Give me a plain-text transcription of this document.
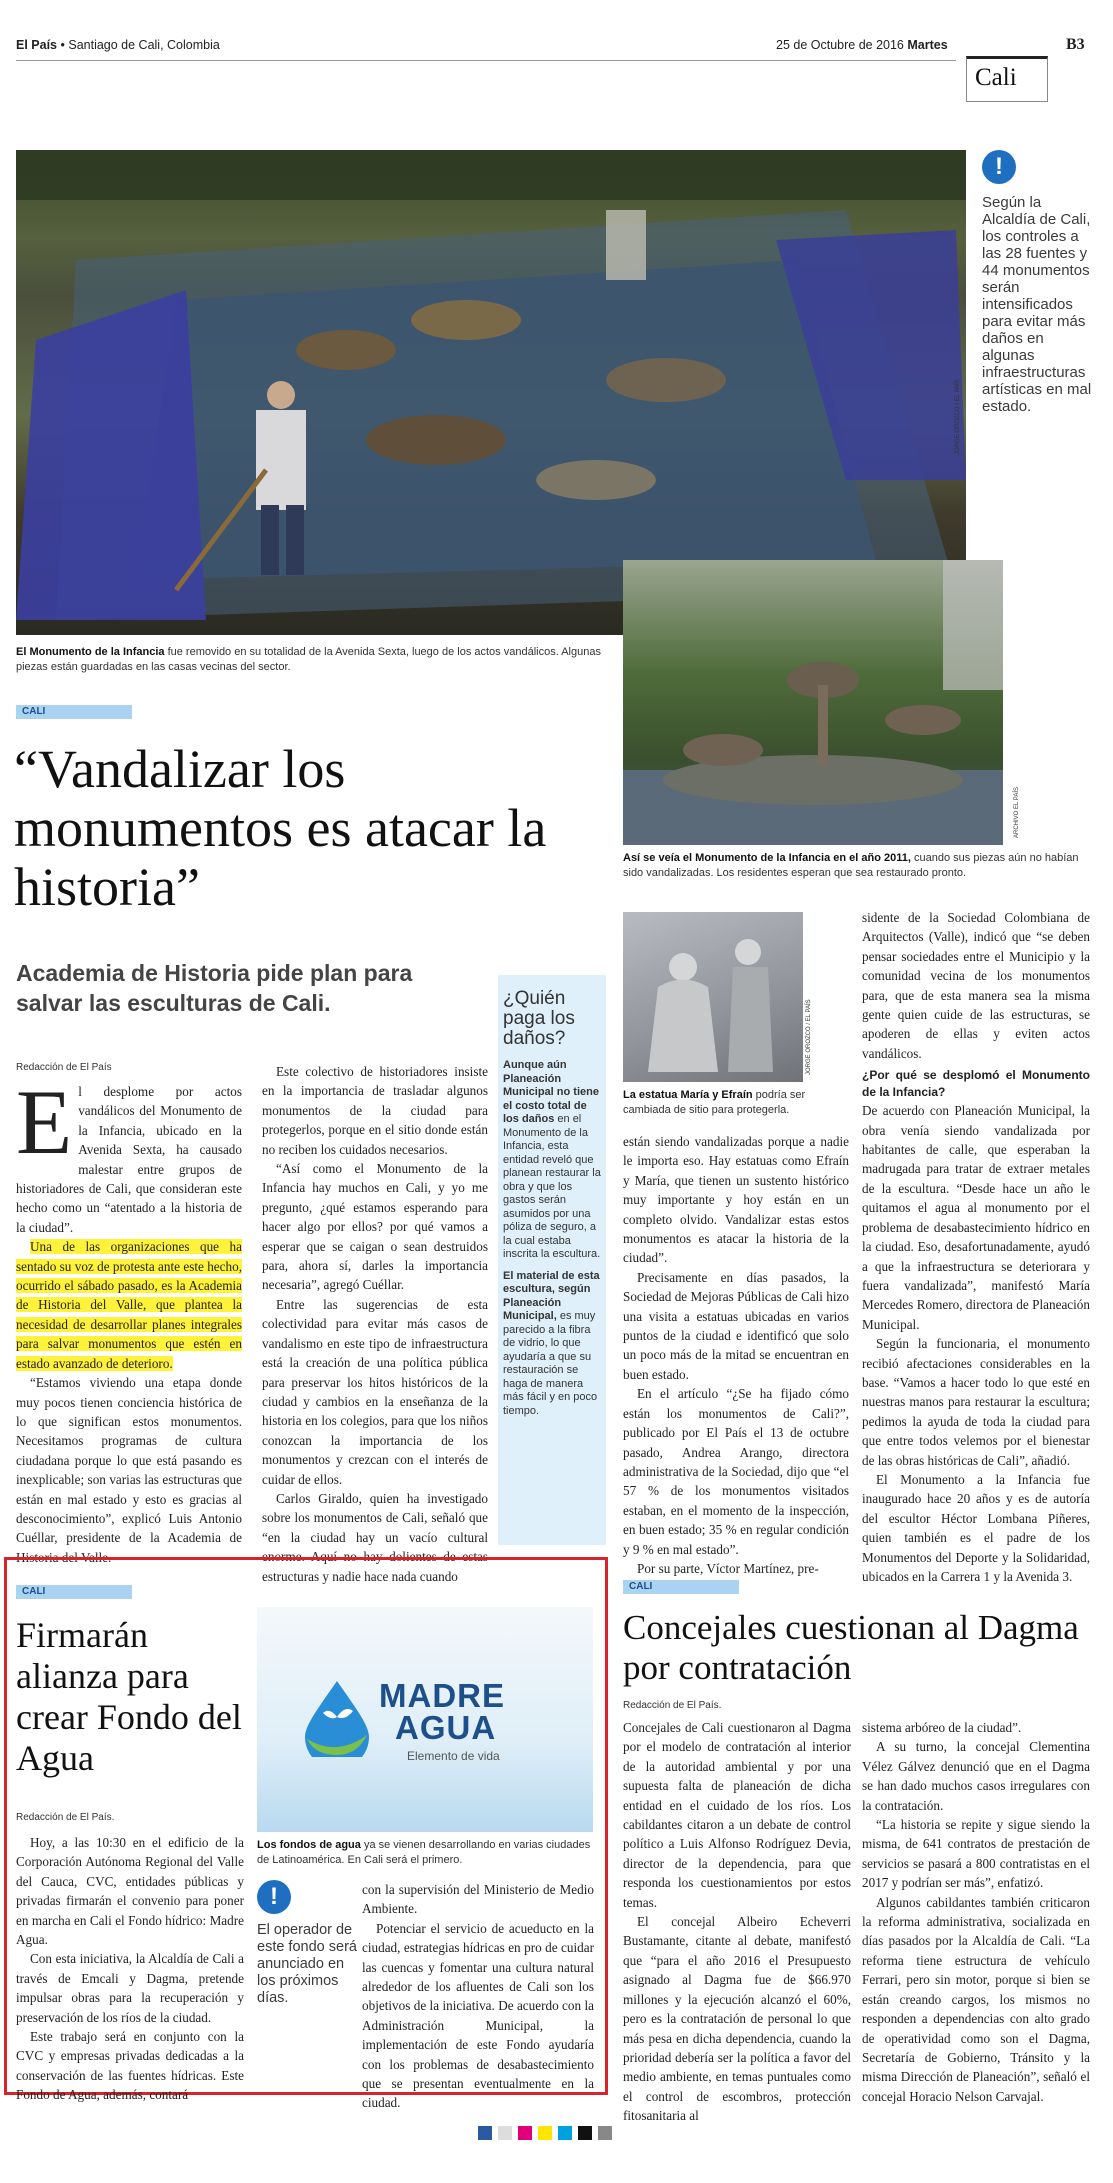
El País • Santiago de Cali, Colombia	25 de Octubre de 2016 Martes	B3
Cali
JORGE OROZCO / EL PAÍS
!
Según la Alcaldía de Cali, los controles a las 28 fuentes y 44 monumentos serán intensificados para evitar más daños en algunas infraestructuras artísticas en mal estado.
El Monumento de la Infancia fue removido en su totalidad de la Avenida Sexta, luego de los actos vandálicos. Algunas piezas están guardadas en las casas vecinas del sector.
CALI
“Vandalizar los monumentos es atacar la historia”
Academia de Historia pide plan para salvar las esculturas de Cali.
Redacción de El País
E l desplome por actos vandálicos del Monumento de la Infancia, ubicado en la Avenida Sexta, ha causado malestar entre grupos de historiadores de Cali, que consideran este hecho como un “atentado a la historia de la ciudad”.

Una de las organizaciones que ha sentado su voz de protesta ante este hecho, ocurrido el sábado pasado, es la Academia de Historia del Valle, que plantea la necesidad de desarrollar planes integrales para salvar monumentos que estén en estado avanzado de deterioro.

“Estamos viviendo una etapa donde muy pocos tienen conciencia histórica de lo que significan estos monumentos. Necesitamos programas de cultura ciudadana porque lo que está pasando es inexplicable; son varias las estructuras que están en mal estado y esto es gracias al desconocimiento”, explicó Luis Antonio Cuéllar, presidente de la Academia de Historia del Valle.

Este colectivo de historiadores insiste en la importancia de trasladar algunos monumentos de la ciudad para protegerlos, porque en el sitio donde están no reciben los cuidados necesarios.

“Así como el Monumento de la Infancia hay muchos en Cali, y yo me pregunto, ¿qué estamos esperando para hacer algo por ellos? por qué vamos a esperar que se caigan o sean destruidos para, ahora sí, darles la importancia necesaria”, agregó Cuéllar.

Entre las sugerencias de esta colectividad para evitar más casos de vandalismo en este tipo de infraestructura está la creación de una política pública para preservar los hitos históricos de la ciudad y cambios en la enseñanza de la historia en los colegios, para que los niños conozcan la importancia de los monumentos y crezcan con el interés de cuidar de ellos.

Carlos Giraldo, quien ha investigado sobre los monumentos de Cali, señaló que “en la ciudad hay un vacío cultural enorme. Aquí no hay dolientes de estas estructuras y nadie hace nada cuando

¿Quién paga los daños?
Aunque aún Planeación Municipal no tiene el costo total de los daños en el Monumento de la Infancia, esta entidad reveló que planean restaurar la obra y que los gastos serán asumidos por una póliza de seguro, a la cual estaba inscrita la escultura.
El material de esta escultura, según Planeación Municipal, es muy parecido a la fibra de vidrio, lo que ayudaría a que su restauración se haga de manera más fácil y en poco tiempo.
ARCHIVO EL PAÍS
Así se veía el Monumento de la Infancia en el año 2011, cuando sus piezas aún no habían sido vandalizadas. Los residentes esperan que sea restaurado pronto.
JORGE OROZCO / EL PAÍS
La estatua María y Efraín podría ser cambiada de sitio para protegerla.

están siendo vandalizadas porque a nadie le importa eso. Hay estatuas como Efraín y María, que tienen un sustento histórico muy importante y hoy están en un completo olvido. Vandalizar estas estos monumentos es atacar la historia de la ciudad”.

Precisamente en días pasados, la Sociedad de Mejoras Públicas de Cali hizo una visita a estatuas ubicadas en varios puntos de la ciudad e identificó que solo un poco más de la mitad se encuentran en buen estado.

En el artículo “¿Se ha fijado cómo están los monumentos de Cali?”, publicado por El País el 13 de octubre pasado, Andrea Arango, directora administrativa de la Sociedad, dijo que “el 57 % de los monumentos visitados estaban, en el momento de la inspección, en buen estado; 35 % en regular condición y 9 % en mal estado”.

Por su parte, Víctor Martínez, pre-

sidente de la Sociedad Colombiana de Arquitectos (Valle), indicó que “se deben pensar sociedades entre el Municipio y la comunidad vecina de los monumentos para, que de esta manera sea la misma gente quien cuide de las estructuras, se apoderen de ellas y eviten actos vandálicos.

¿Por qué se desplomó el Monumento de la Infancia?

De acuerdo con Planeación Municipal, la obra venía siendo vandalizada por habitantes de calle, que esperaban la madrugada para tratar de extraer metales de la escultura. “Desde hace un año le quitamos el agua al monumento por el problema de desabastecimiento hídrico en la ciudad. Eso, desafortunadamente, ayudó a que la infraestructura se deteriorara y fuera vandalizada”, manifestó María Mercedes Romero, directora de Planeación Municipal.

Según la funcionaria, el monumento recibió afectaciones considerables en la base. “Vamos a hacer todo lo que esté en nuestras manos para restaurar la escultura; pedimos la ayuda de toda la ciudad para que entre todos velemos por el bienestar de las obras históricas de Cali”, añadió.

El Monumento a la Infancia fue inaugurado hace 20 años y es de autoría del escultor Héctor Lombana Piñeres, quien también es el padre de los Monumentos del Deporte y la Solidaridad, ubicados en la Carrera 1 y la Avenida 3.

CALI
Firmarán alianza para crear Fondo del Agua
Redacción de El País.
MADRE
AGUA
Elemento de vida
Los fondos de agua ya se vienen desarrollando en varias ciudades de Latinoamérica. En Cali será el primero.

Hoy, a las 10:30 en el edificio de la Corporación Autónoma Regional del Valle del Cauca, CVC, entidades públicas y privadas firmarán el convenio para poner en marcha en Cali el Fondo hídrico: Madre Agua.

Con esta iniciativa, la Alcaldía de Cali a través de Emcali y Dagma, pretende impulsar obras para la recuperación y preservación de los ríos de la ciudad.

Este trabajo será en conjunto con la CVC y empresas privadas dedicadas a la conservación de las fuentes hídricas. Este Fondo de Agua, además, contará

!
El operador de este fondo será anunciado en los próximos días.

con la supervisión del Ministerio de Medio Ambiente.

Potenciar el servicio de acueducto en la ciudad, estrategias hídricas en pro de cuidar las cuencas y fomentar una cultura natural alrededor de los afluentes de Cali son los objetivos de la iniciativa. De acuerdo con la Administración Municipal, la implementación de este Fondo ayudaría con los problemas de desabastecimiento que se presentan eventualmente en la ciudad.

CALI
Concejales cuestionan al Dagma por contratación
Redacción de El País.

Concejales de Cali cuestionaron al Dagma por el modelo de contratación al interior de la autoridad ambiental y por una supuesta falta de planeación de dicha entidad en el cuidado de los ríos. Los cabildantes citaron a un debate de control político a Luis Alfonso Rodríguez Devia, director de la dependencia, para que responda los cuestionamientos por estos temas.

El concejal Albeiro Echeverri Bustamante, citante al debate, manifestó que “para el año 2016 el Presupuesto asignado al Dagma fue de $66.970 millones y la ejecución alcanzó el 60%, pero es la contratación de personal lo que más pesa en dicha dependencia, cuando la prioridad debería ser la política a favor del medio ambiente, en temas puntuales como el control de escombros, protección fitosanitaria al

sistema arbóreo de la ciudad”.

A su turno, la concejal Clementina Vélez Gálvez denunció que en el Dagma se han dado muchos casos irregulares con la contratación.

“La historia se repite y sigue siendo la misma, de 641 contratos de prestación de servicios se pasará a 800 contratistas en el 2017 y podrían ser más”, enfatizó.

Algunos cabildantes también criticaron la reforma administrativa, socializada en días pasados por la Alcaldía de Cali. “La reforma tiene estructura de vehículo Ferrari, pero sin motor, porque si bien se están creando cargos, los mismos no responden a dependencias con alto grado de operatividad como son el Dagma, Secretaría de Gobierno, Tránsito y la misma Dirección de Planeación”, señaló el concejal Horacio Nelson Carvajal.
